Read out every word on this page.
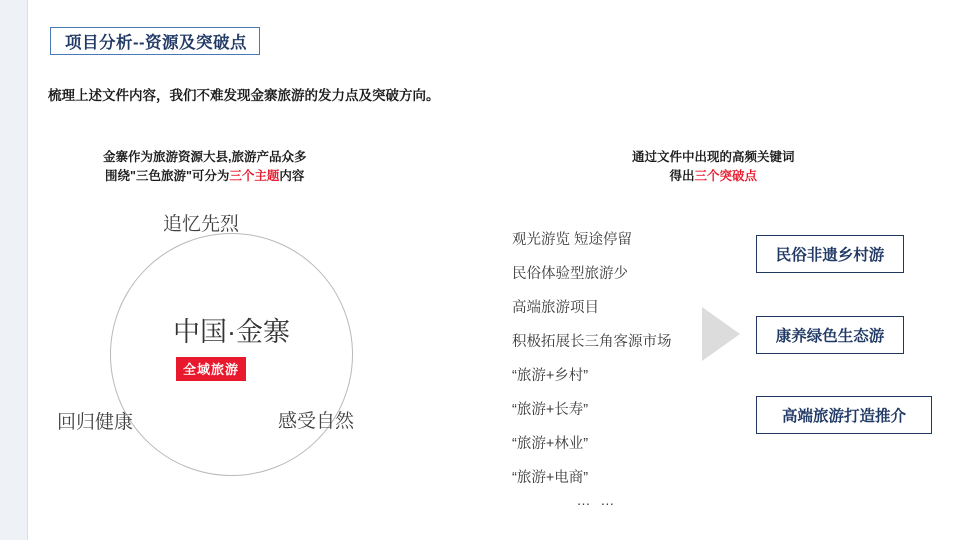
项目分析--资源及突破点
梳理上述文件内容，我们不难发现金寨旅游的发力点及突破方向。
金寨作为旅游资源大县,旅游产品众多
围绕"三色旅游"可分为三个主题内容
通过文件中出现的高频关键词
得出三个突破点
中国·金寨
全域旅游
追忆先烈
回归健康	感受自然
观光游览 短途停留
民俗体验型旅游少
高端旅游项目
积极拓展长三角客源市场
“旅游+乡村”
“旅游+长寿”
“旅游+林业”
“旅游+电商”
… …
民俗非遗乡村游
康养绿色生态游
高端旅游打造推介
